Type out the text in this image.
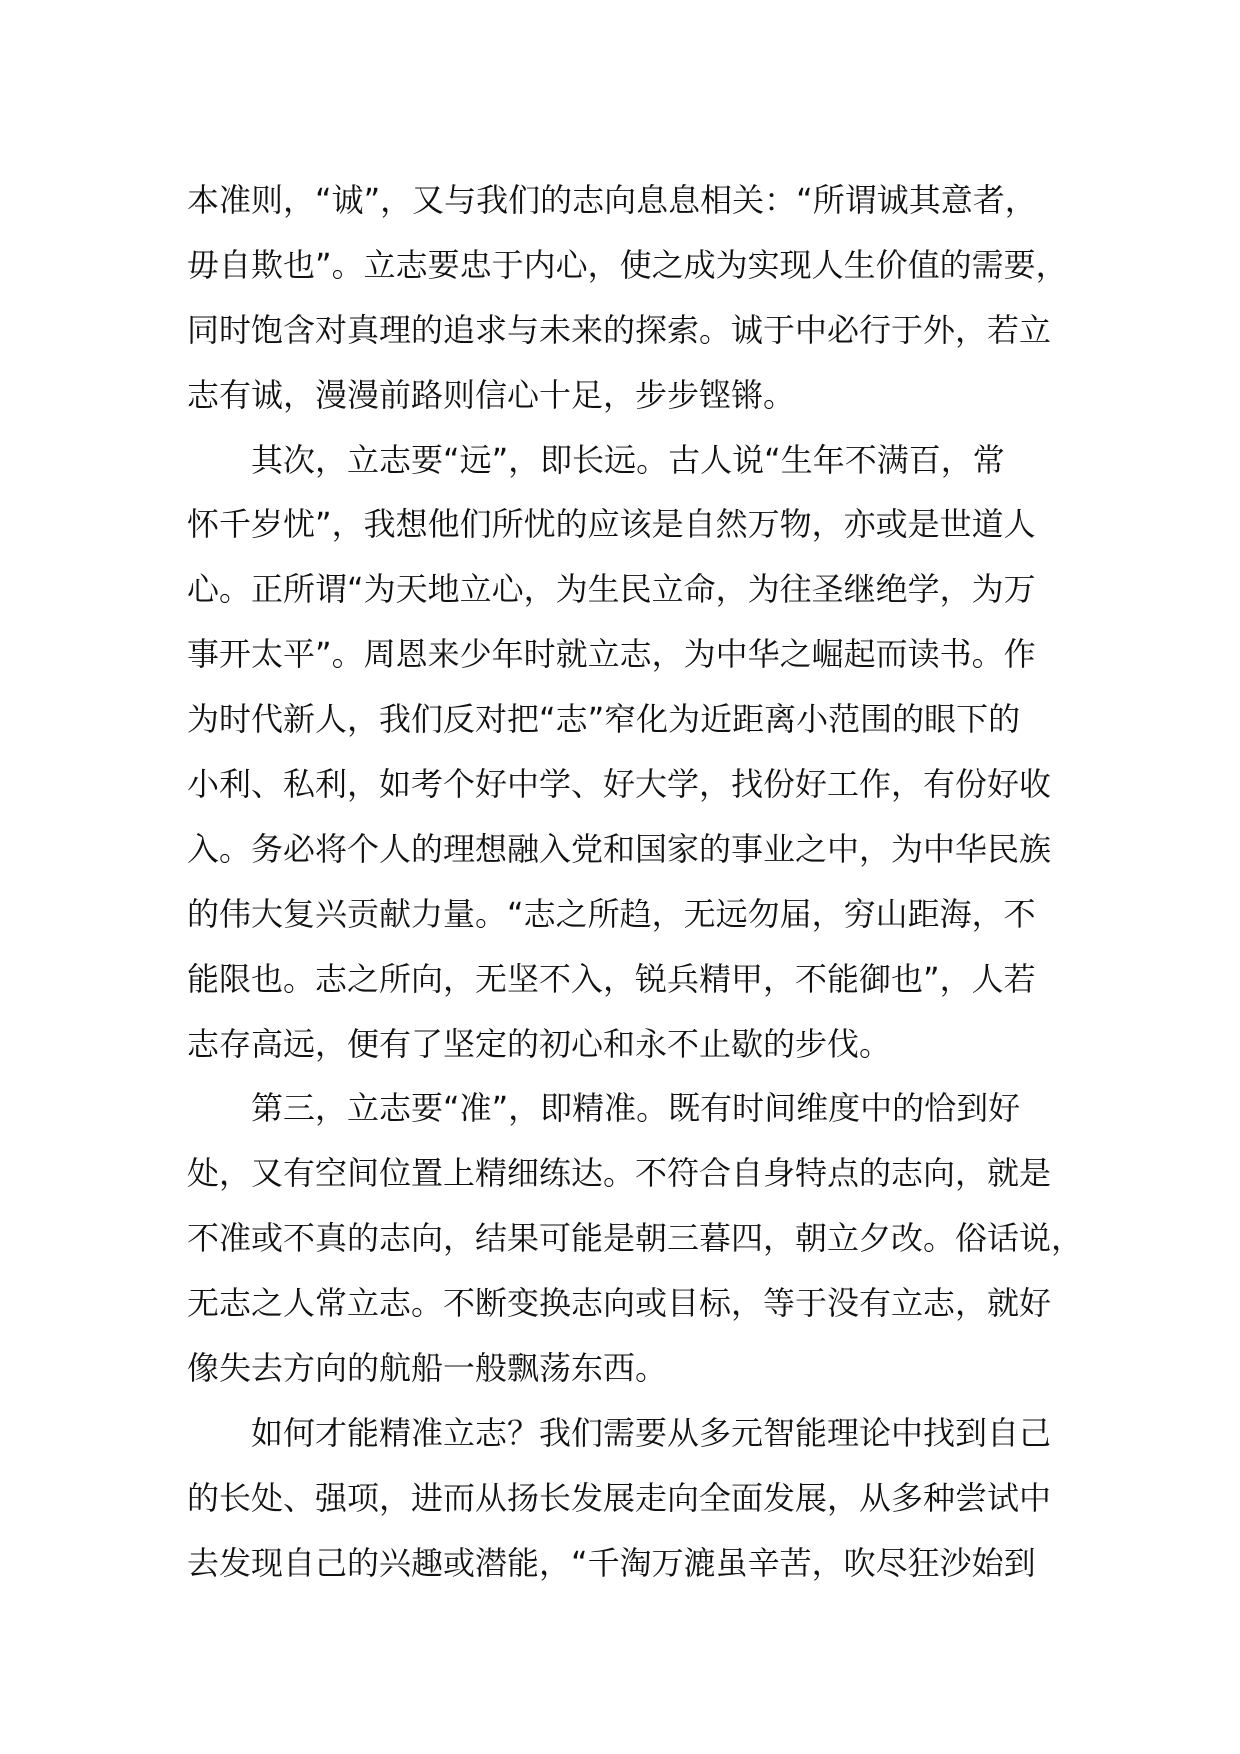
本准则，“诚”，又与我们的志向息息相关：“所谓诚其意者，
毋自欺也”。立志要忠于内心，使之成为实现人生价值的需要，
同时饱含对真理的追求与未来的探索。诚于中必行于外，若立
志有诚，漫漫前路则信心十足，步步铿锵。
其次，立志要“远”，即长远。古人说“生年不满百，常
怀千岁忧”，我想他们所忧的应该是自然万物，亦或是世道人
心。正所谓“为天地立心，为生民立命，为往圣继绝学，为万
事开太平”。周恩来少年时就立志，为中华之崛起而读书。作
为时代新人，我们反对把“志”窄化为近距离小范围的眼下的
小利、私利，如考个好中学、好大学，找份好工作，有份好收
入。务必将个人的理想融入党和国家的事业之中，为中华民族
的伟大复兴贡献力量。“志之所趋，无远勿届，穷山距海，不
能限也。志之所向，无坚不入，锐兵精甲，不能御也”，人若
志存高远，便有了坚定的初心和永不止歇的步伐。
第三，立志要“准”，即精准。既有时间维度中的恰到好
处，又有空间位置上精细练达。不符合自身特点的志向，就是
不准或不真的志向，结果可能是朝三暮四，朝立夕改。俗话说，
无志之人常立志。不断变换志向或目标，等于没有立志，就好
像失去方向的航船一般飘荡东西。
如何才能精准立志？我们需要从多元智能理论中找到自己
的长处、强项，进而从扬长发展走向全面发展，从多种尝试中
去发现自己的兴趣或潜能，“千淘万漉虽辛苦，吹尽狂沙始到
